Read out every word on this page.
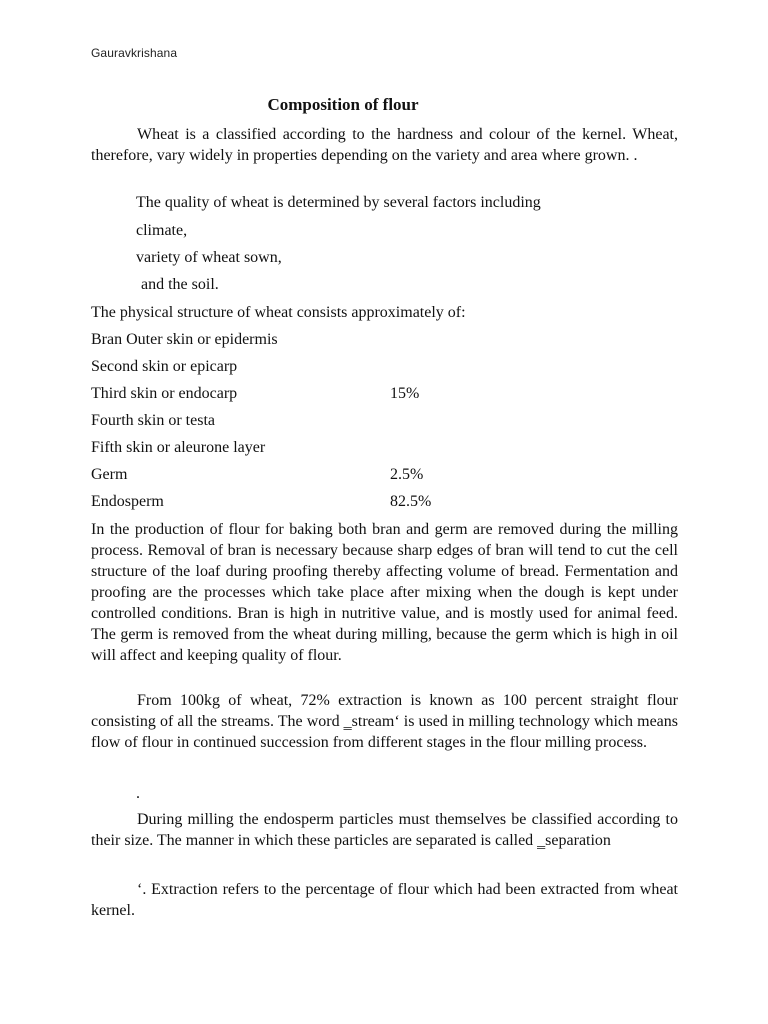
Gauravkrishana
Composition of flour

Wheat is a classified according to the hardness and colour of the kernel. Wheat, therefore, vary widely in properties depending on the variety and area where grown. .

The quality of wheat is determined by several factors including
climate,
variety of wheat sown,
and the soil.
The physical structure of wheat consists approximately of:
Bran Outer skin or epidermis
Second skin or epicarp
Third skin or endocarp	15%
Fourth skin or testa
Fifth skin or aleurone layer
Germ	2.5%
Endosperm	82.5%

In the production of flour for baking both bran and germ are removed during the milling process. Removal of bran is necessary because sharp edges of bran will tend to cut the cell structure of the loaf during proofing thereby affecting volume of bread. Fermentation and proofing are the processes which take place after mixing when the dough is kept under controlled conditions. Bran is high in nutritive value, and is mostly used for animal feed. The germ is removed from the wheat during milling, because the germ which is high in oil will affect and keeping quality of flour.

From 100kg of wheat, 72% extraction is known as 100 percent straight flour consisting of all the streams. The word ‗stream‘ is used in milling technology which means flow of flour in continued succession from different stages in the flour milling process.

.

During milling the endosperm particles must themselves be classified according to their size. The manner in which these particles are separated is called ‗separation

‘. Extraction refers to the percentage of flour which had been extracted from wheat kernel.
